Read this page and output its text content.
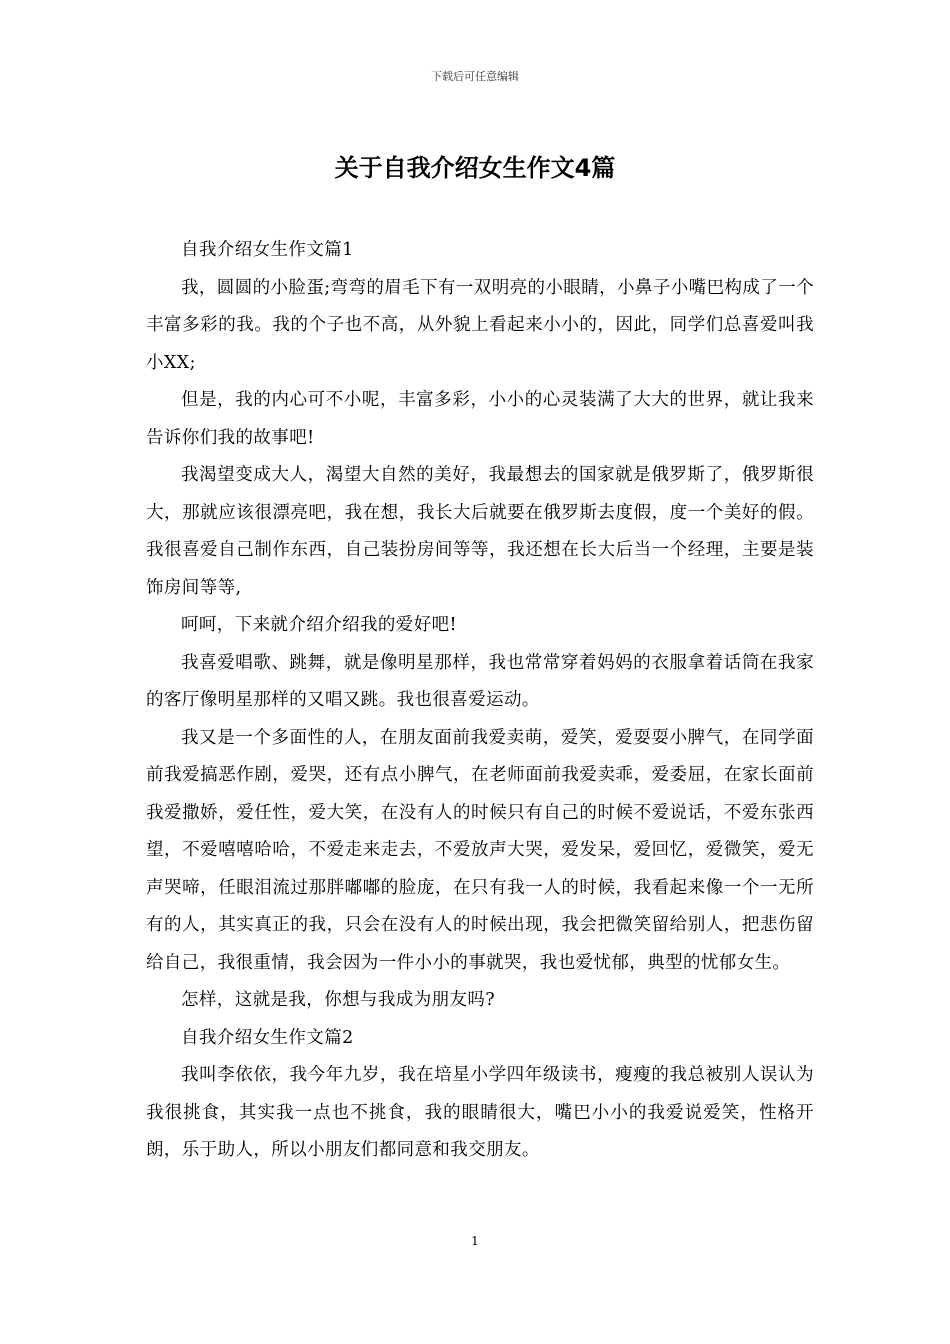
下载后可任意编辑
关于自我介绍女生作文4篇

自我介绍女生作文篇1

我，圆圆的小脸蛋;弯弯的眉毛下有一双明亮的小眼睛，小鼻子小嘴巴构成了一个丰富多彩的我。我的个子也不高，从外貌上看起来小小的，因此，同学们总喜爱叫我小XX;

但是，我的内心可不小呢，丰富多彩，小小的心灵装满了大大的世界，就让我来告诉你们我的故事吧!

我渴望变成大人，渴望大自然的美好，我最想去的国家就是俄罗斯了，俄罗斯很大，那就应该很漂亮吧，我在想，我长大后就要在俄罗斯去度假，度一个美好的假。我很喜爱自己制作东西，自己装扮房间等等，我还想在长大后当一个经理，主要是装饰房间等等,

呵呵，下来就介绍介绍我的爱好吧!

我喜爱唱歌、跳舞，就是像明星那样，我也常常穿着妈妈的衣服拿着话筒在我家的客厅像明星那样的又唱又跳。我也很喜爱运动。

我又是一个多面性的人，在朋友面前我爱卖萌，爱笑，爱耍耍小脾气，在同学面前我爱搞恶作剧，爱哭，还有点小脾气，在老师面前我爱卖乖，爱委屈，在家长面前我爱撒娇，爱任性，爱大笑，在没有人的时候只有自己的时候不爱说话，不爱东张西望，不爱嘻嘻哈哈，不爱走来走去，不爱放声大哭，爱发呆，爱回忆，爱微笑，爱无声哭啼，任眼泪流过那胖嘟嘟的脸庞，在只有我一人的时候，我看起来像一个一无所有的人，其实真正的我，只会在没有人的时候出现，我会把微笑留给别人，把悲伤留给自己，我很重情，我会因为一件小小的事就哭，我也爱忧郁，典型的忧郁女生。

怎样，这就是我，你想与我成为朋友吗?

自我介绍女生作文篇2

我叫李依依，我今年九岁，我在培星小学四年级读书，瘦瘦的我总被别人误认为我很挑食，其实我一点也不挑食，我的眼睛很大，嘴巴小小的我爱说爱笑，性格开朗，乐于助人，所以小朋友们都同意和我交朋友。

1
